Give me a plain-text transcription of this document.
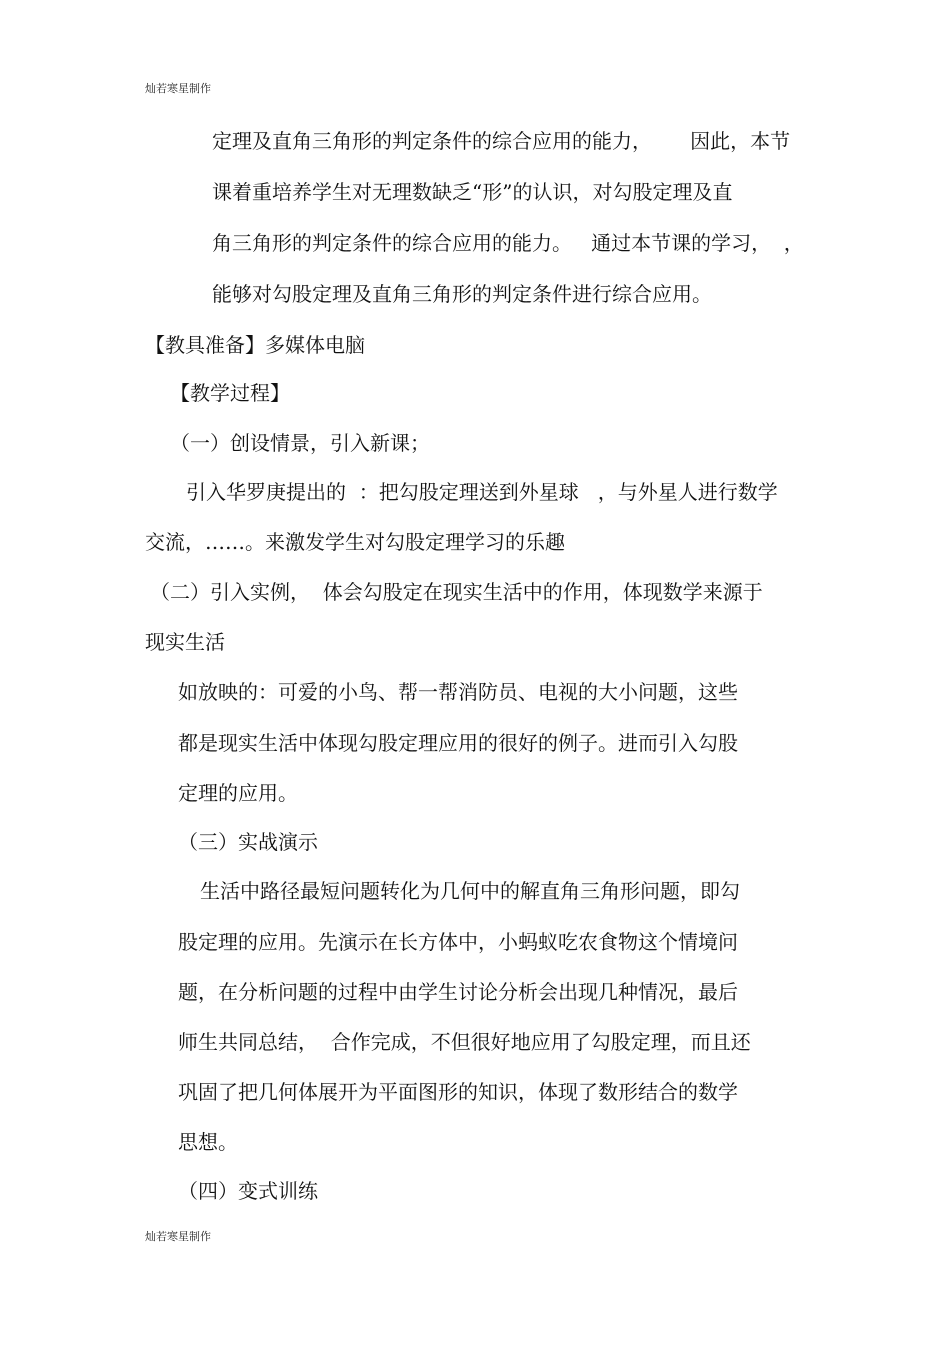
灿若寒星制作
定理及直角三角形的判定条件的综合应用的能力，      因此，本节
课着重培养学生对无理数缺乏“形”的认识，对勾股定理及直
角三角形的判定条件的综合应用的能力。   通过本节课的学习，  ，
能够对勾股定理及直角三角形的判定条件进行综合应用。
【教具准备】多媒体电脑
【教学过程】
（一）创设情景，引入新课；
引入华罗庚提出的  ：把勾股定理送到外星球   ，与外星人进行数学
交流，……。来激发学生对勾股定理学习的乐趣
（二）引入实例，  体会勾股定在现实生活中的作用，体现数学来源于
现实生活
如放映的：可爱的小鸟、帮一帮消防员、电视的大小问题，这些
都是现实生活中体现勾股定理应用的很好的例子。进而引入勾股
定理的应用。
（三）实战演示
生活中路径最短问题转化为几何中的解直角三角形问题，即勾
股定理的应用。先演示在长方体中，小蚂蚁吃农食物这个情境问
题，在分析问题的过程中由学生讨论分析会出现几种情况，最后
师生共同总结，  合作完成，不但很好地应用了勾股定理，而且还
巩固了把几何体展开为平面图形的知识，体现了数形结合的数学
思想。
（四）变式训练
灿若寒星制作
